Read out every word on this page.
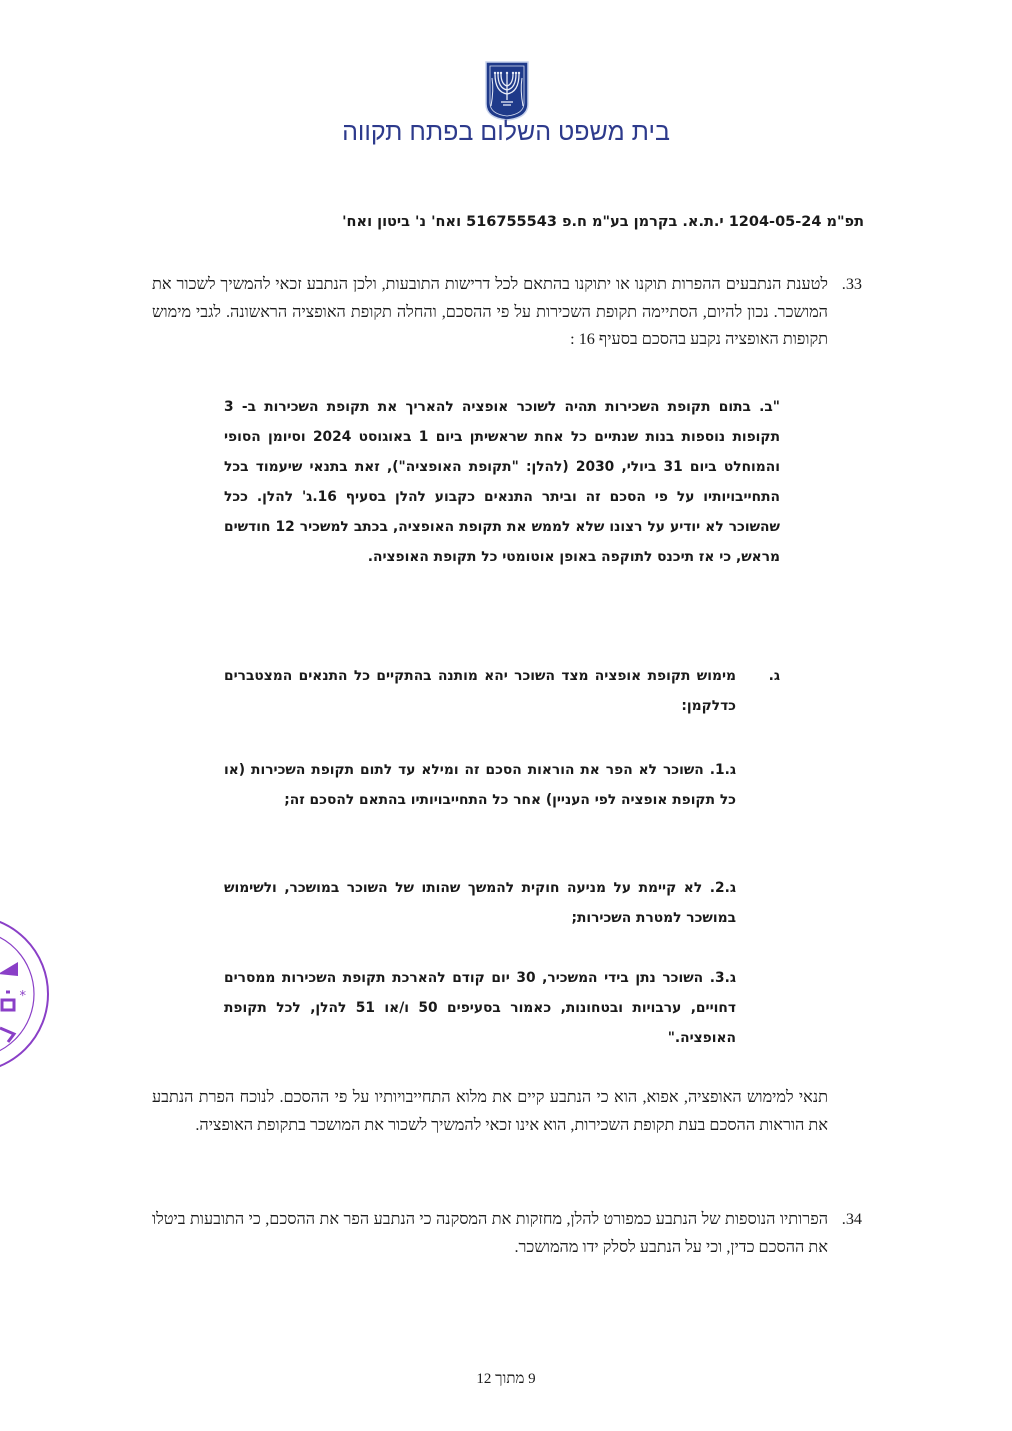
בית משפט השלום בפתח תקווה
תפ"מ 1204-05-24 י.ת.א. בקרמן בע"מ ח.פ 516755543 ואח' נ' ביטון ואח'
33.
לטענת הנתבעים ההפרות תוקנו או יתוקנו בהתאם לכל דרישות התובעות, ולכן הנתבע זכאי להמשיך לשכור את המושכר. נכון להיום, הסתיימה תקופת השכירות על פי ההסכם, והחלה תקופת האופציה הראשונה. לגבי מימוש תקופות האופציה נקבע בהסכם בסעיף 16 :
"ב. בתום תקופת השכירות תהיה לשוכר אופציה להאריך את תקופת השכירות ב- 3 תקופות נוספות בנות שנתיים כל אחת שראשיתן ביום 1 באוגוסט 2024 וסיומן הסופי והמוחלט ביום 31 ביולי, 2030 (להלן: "תקופת האופציה"), זאת בתנאי שיעמוד בכל התחייבויותיו על פי הסכם זה וביתר התנאים כקבוע להלן בסעיף 16.ג' להלן. ככל שהשוכר לא יודיע על רצונו שלא לממש את תקופת האופציה, בכתב למשכיר 12 חודשים מראש, כי אז תיכנס לתוקפה באופן אוטומטי כל תקופת האופציה.
ג.
מימוש תקופת אופציה מצד השוכר יהא מותנה בהתקיים כל התנאים המצטברים כדלקמן:
ג.1. השוכר לא הפר את הוראות הסכם זה ומילא עד לתום תקופת השכירות (או כל תקופת אופציה לפי העניין) אחר כל התחייבויותיו בהתאם להסכם זה;
ג.2. לא קיימת על מניעה חוקית להמשך שהותו של השוכר במושכר, ולשימוש במושכר למטרת השכירות;
ג.3. השוכר נתן בידי המשכיר, 30 יום קודם להארכת תקופת השכירות ממסרים דחויים, ערבויות ובטחונות, כאמור בסעיפים 50 ו/או 51 להלן, לכל תקופת האופציה."
תנאי למימוש האופציה, אפוא, הוא כי הנתבע קיים את מלוא התחייבויותיו על פי ההסכם. לנוכח הפרת הנתבע את הוראות ההסכם בעת תקופת השכירות, הוא אינו זכאי להמשיך לשכור את המושכר בתקופת האופציה.
34.
הפרותיו הנוספות של הנתבע כמפורט להלן, מחזקות את המסקנה כי הנתבע הפר את ההסכם, כי התובעות ביטלו את ההסכם כדין, וכי על הנתבע לסלק ידו מהמושכר.
*
9 מתוך 12
